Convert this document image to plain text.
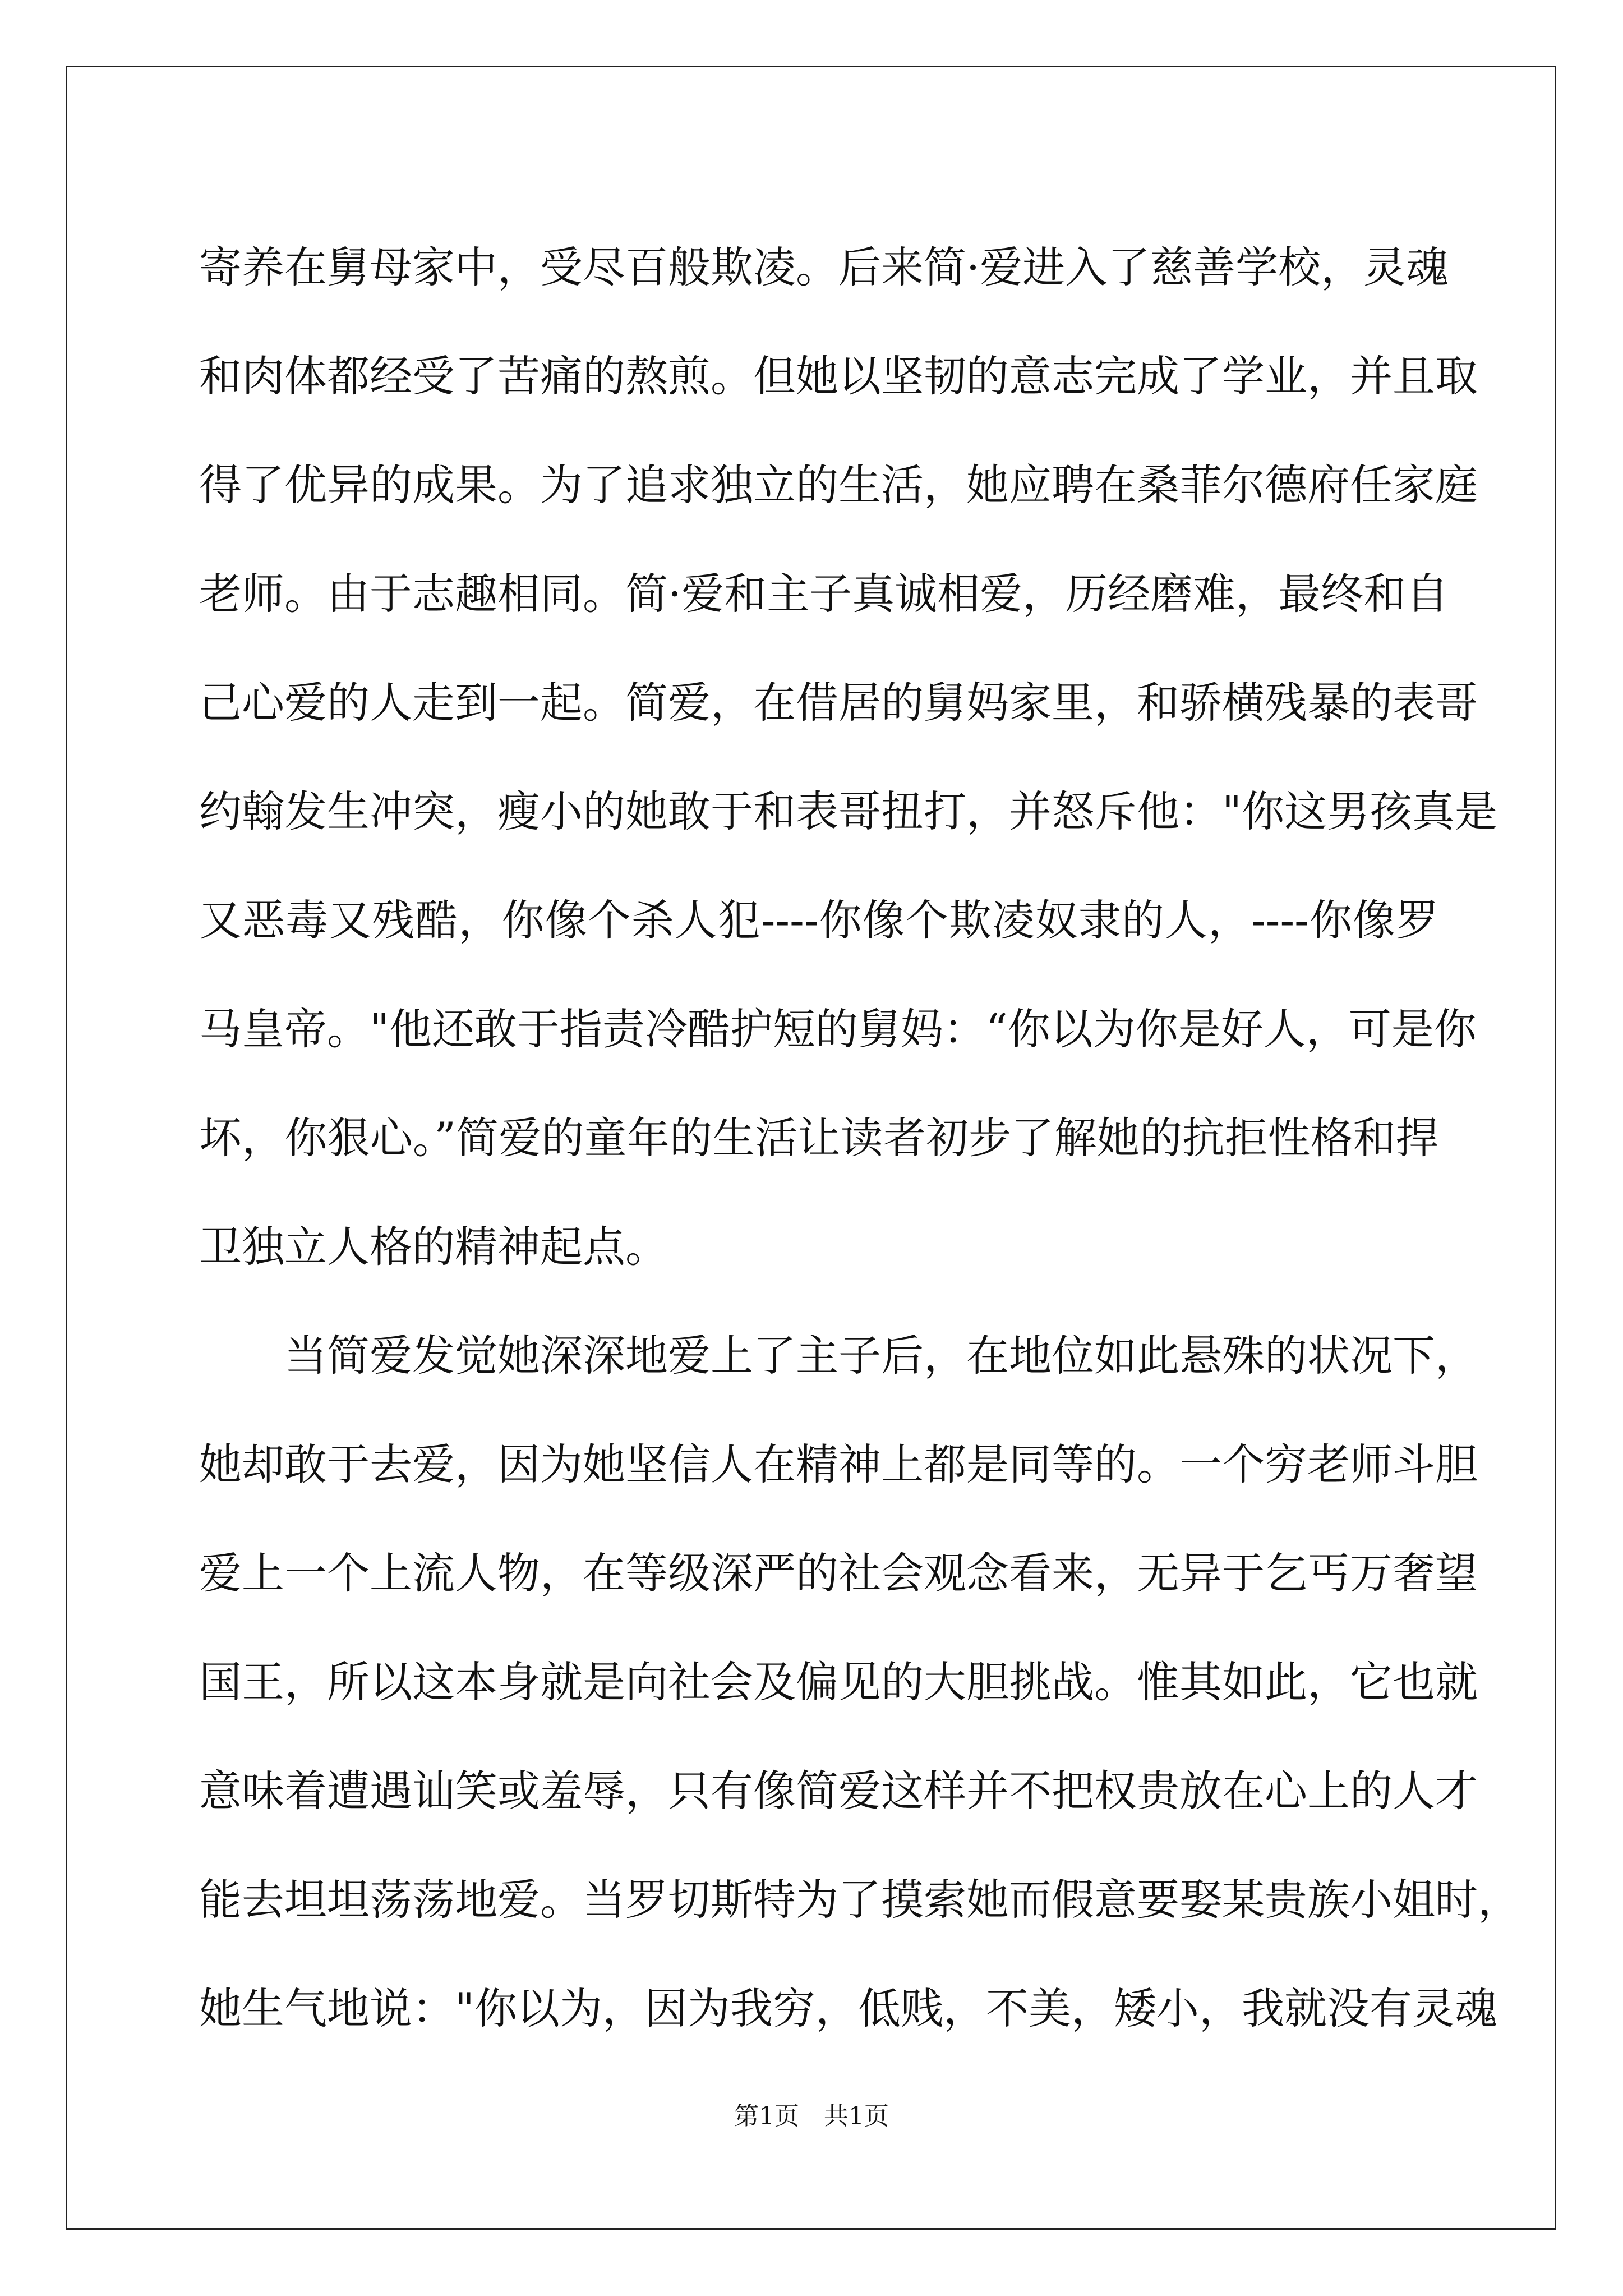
寄养在舅母家中，受尽百般欺凌。后来简·爱进入了慈善学校，灵魂
和肉体都经受了苦痛的熬煎。但她以坚韧的意志完成了学业，并且取
得了优异的成果。为了追求独立的生活，她应聘在桑菲尔德府任家庭
老师。由于志趣相同。简·爱和主子真诚相爱，历经磨难，最终和自
己心爱的人走到一起。简爱，在借居的舅妈家里，和骄横残暴的表哥
约翰发生冲突，瘦小的她敢于和表哥扭打，并怒斥他："你这男孩真是
又恶毒又残酷，你像个杀人犯----你像个欺凌奴隶的人，----你像罗
马皇帝。"他还敢于指责冷酷护短的舅妈：“你以为你是好人，可是你
坏，你狠心。”简爱的童年的生活让读者初步了解她的抗拒性格和捍
卫独立人格的精神起点。
当简爱发觉她深深地爱上了主子后，在地位如此悬殊的状况下，
她却敢于去爱，因为她坚信人在精神上都是同等的。一个穷老师斗胆
爱上一个上流人物，在等级深严的社会观念看来，无异于乞丐万奢望
国王，所以这本身就是向社会及偏见的大胆挑战。惟其如此，它也就
意味着遭遇讪笑或羞辱，只有像简爱这样并不把权贵放在心上的人才
能去坦坦荡荡地爱。当罗切斯特为了摸索她而假意要娶某贵族小姐时，
她生气地说："你以为，因为我穷，低贱，不美，矮小，我就没有灵魂
第1页　共1页
